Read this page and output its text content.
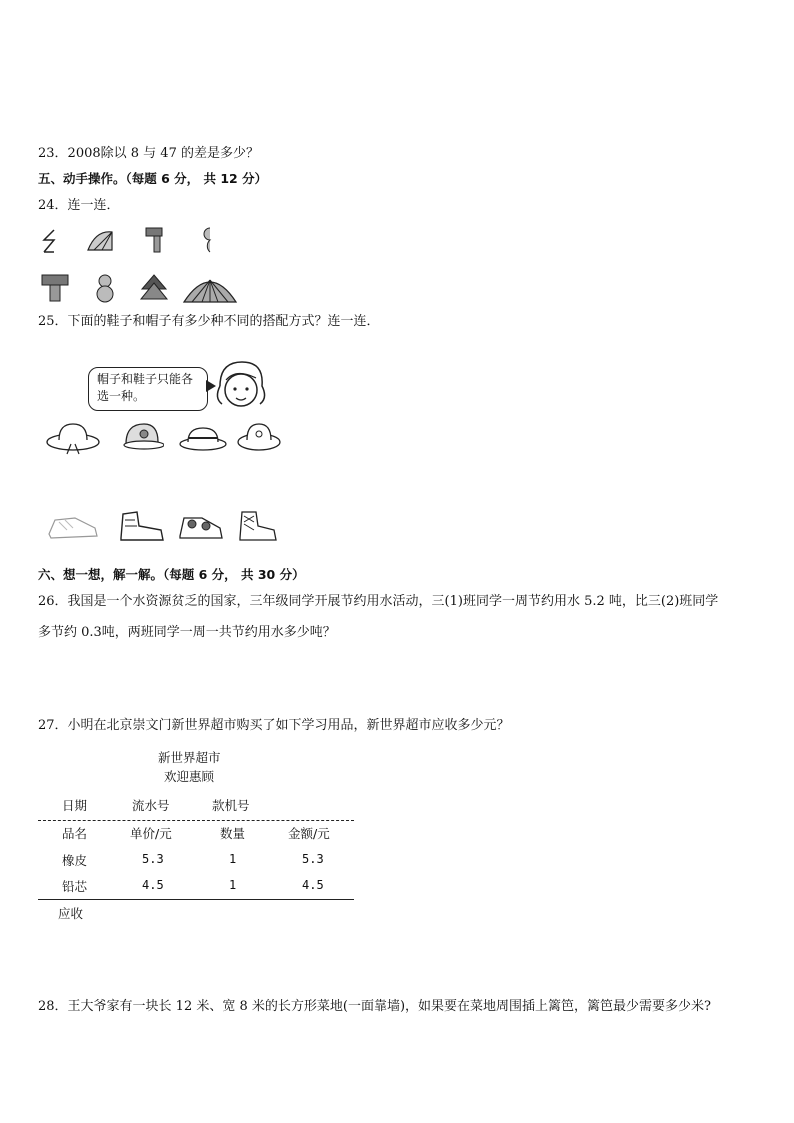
23．2008除以 8 与 47 的差是多少？
五、动手操作。（每题 6 分， 共 12 分）
24．连一连．
25．下面的鞋子和帽子有多少种不同的搭配方式？连一连．
帽子和鞋子只能各选一种。
六、想一想，解一解。（每题 6 分， 共 30 分）
26．我国是一个水资源贫乏的国家，三年级同学开展节约用水活动，三(1)班同学一周节约用水 5.2 吨，比三(2)班同学
多节约 0.3吨，两班同学一周一共节约用水多少吨？
27．小明在北京崇文门新世界超市购买了如下学习用品，新世界超市应收多少元？
新世界超市
欢迎惠顾
日期	流水号	款机号
品名	单价/元	数量	金额/元
橡皮	5.3	1	5.3
铅芯	4.5	1	4.5
应收
28．王大爷家有一块长 12 米、宽 8 米的长方形菜地(一面靠墙)，如果要在菜地周围插上篱笆，篱笆最少需要多少米?
